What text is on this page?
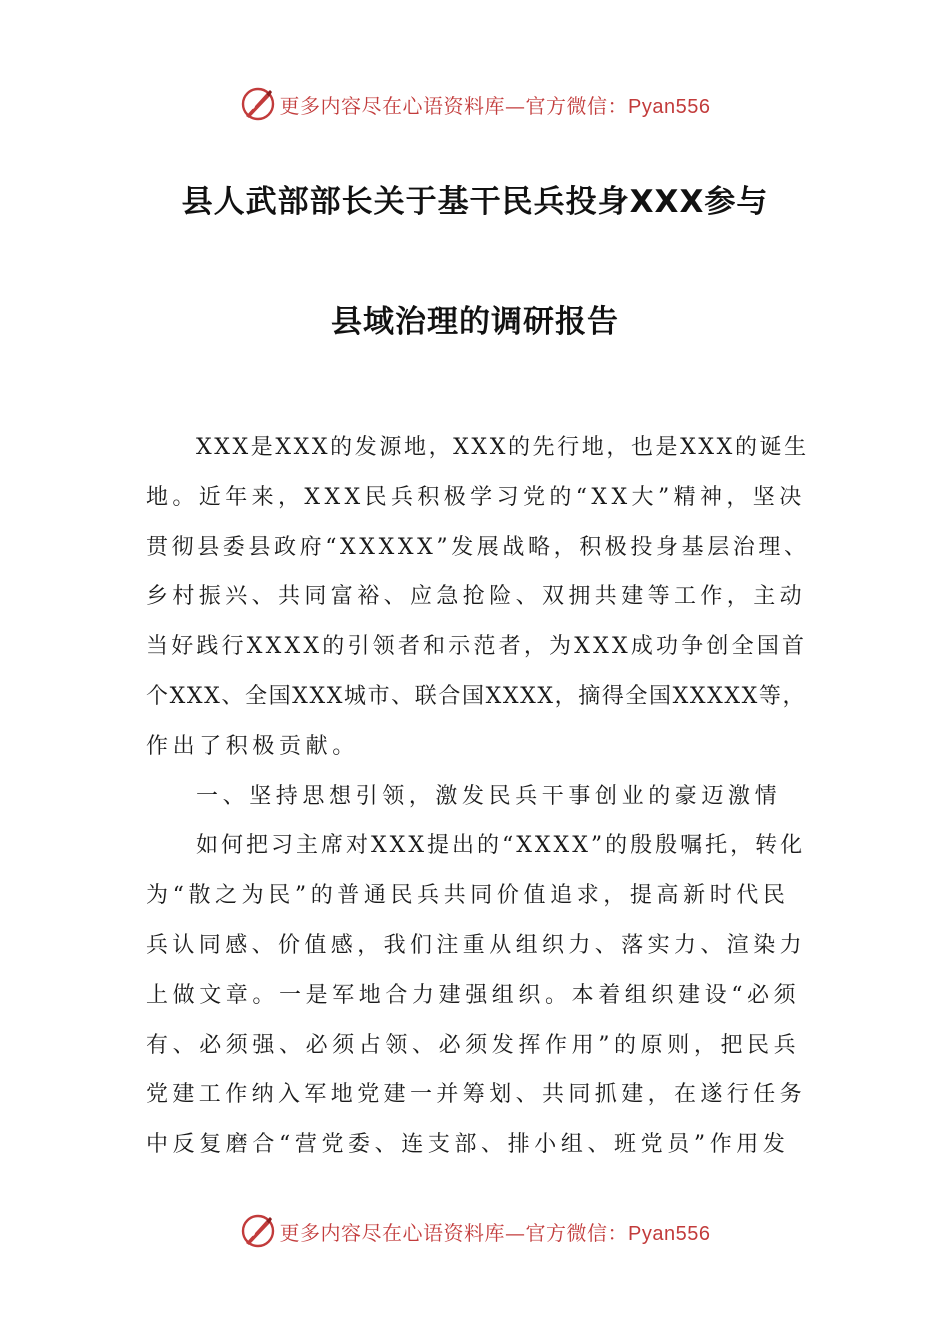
更多内容尽在心语资料库—官方微信：Pyan556
县人武部部长关于基干民兵投身XXX参与
县域治理的调研报告
XXX是XXX的发源地，XXX的先行地，也是XXX的诞生
地。近年来，XXX民兵积极学习党的“XX大”精神，坚决
贯彻县委县政府“XXXXX”发展战略，积极投身基层治理、
乡村振兴、共同富裕、应急抢险、双拥共建等工作，主动
当好践行XXXX的引领者和示范者，为XXX成功争创全国首
个XXX、全国XXX城市、联合国XXXX，摘得全国XXXXX等，
作出了积极贡献。
一、坚持思想引领，激发民兵干事创业的豪迈激情
如何把习主席对XXX提出的“XXXX”的殷殷嘱托，转化
为“散之为民”的普通民兵共同价值追求，提高新时代民
兵认同感、价值感，我们注重从组织力、落实力、渲染力
上做文章。一是军地合力建强组织。本着组织建设“必须
有、必须强、必须占领、必须发挥作用”的原则，把民兵
党建工作纳入军地党建一并筹划、共同抓建，在遂行任务
中反复磨合“营党委、连支部、排小组、班党员”作用发
更多内容尽在心语资料库—官方微信：Pyan556
